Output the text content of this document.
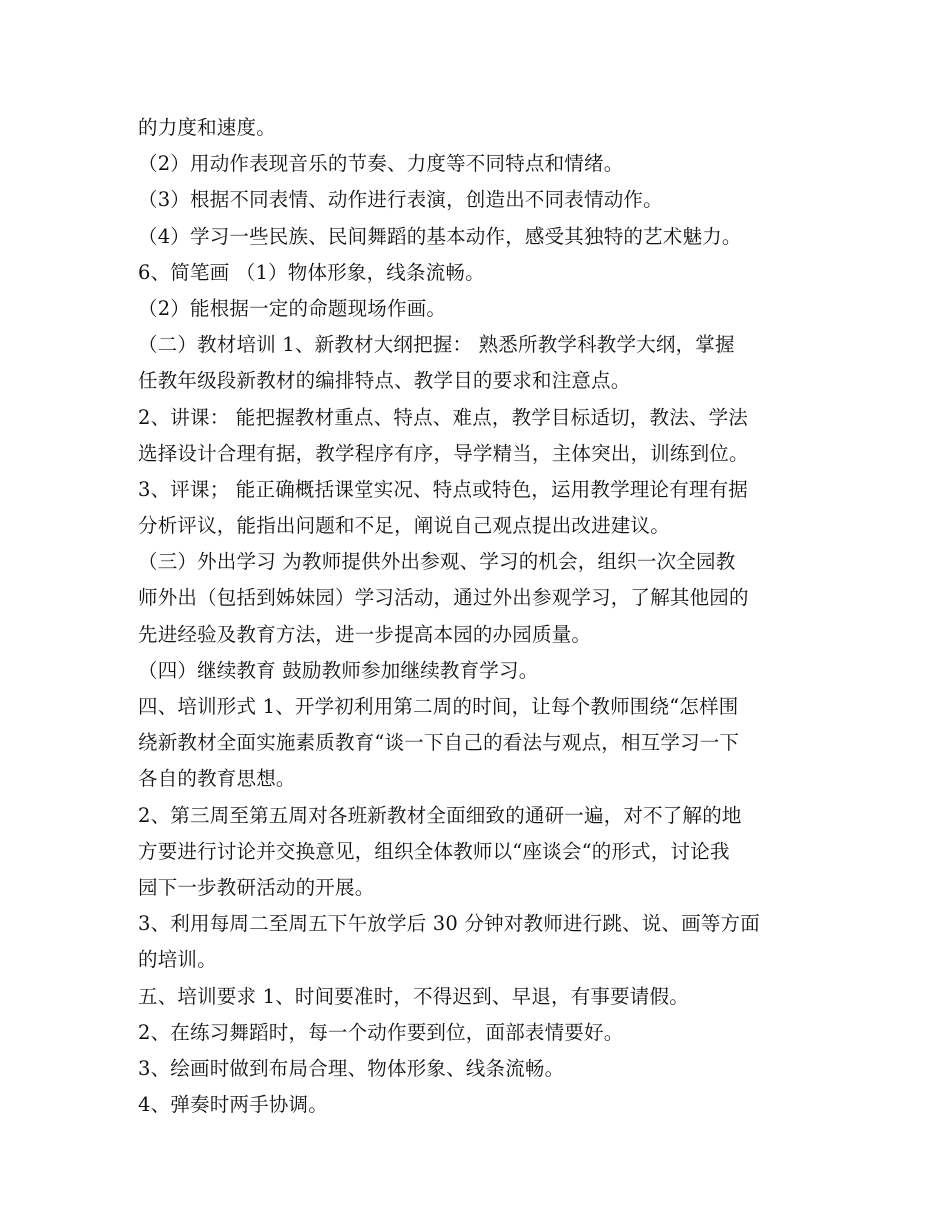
的力度和速度。
（2）用动作表现音乐的节奏、力度等不同特点和情绪。
（3）根据不同表情、动作进行表演，创造出不同表情动作。
（4）学习一些民族、民间舞蹈的基本动作，感受其独特的艺术魅力。
6、简笔画 （1）物体形象，线条流畅。
（2）能根据一定的命题现场作画。
（二）教材培训 1、新教材大纲把握： 熟悉所教学科教学大纲，掌握
任教年级段新教材的编排特点、教学目的要求和注意点。
2、讲课： 能把握教材重点、特点、难点，教学目标适切，教法、学法
选择设计合理有据，教学程序有序，导学精当，主体突出，训练到位。
3、评课； 能正确概括课堂实况、特点或特色，运用教学理论有理有据
分析评议，能指出问题和不足，阐说自己观点提出改进建议。
（三）外出学习 为教师提供外出参观、学习的机会，组织一次全园教
师外出（包括到姊妹园）学习活动，通过外出参观学习，了解其他园的
先进经验及教育方法，进一步提高本园的办园质量。
（四）继续教育 鼓励教师参加继续教育学习。
四、培训形式 1、开学初利用第二周的时间，让每个教师围绕“怎样围
绕新教材全面实施素质教育“谈一下自己的看法与观点，相互学习一下
各自的教育思想。
2、第三周至第五周对各班新教材全面细致的通研一遍，对不了解的地
方要进行讨论并交换意见，组织全体教师以“座谈会“的形式，讨论我
园下一步教研活动的开展。
3、利用每周二至周五下午放学后 30 分钟对教师进行跳、说、画等方面
的培训。
五、培训要求 1、时间要准时，不得迟到、早退，有事要请假。
2、在练习舞蹈时，每一个动作要到位，面部表情要好。
3、绘画时做到布局合理、物体形象、线条流畅。
4、弹奏时两手协调。
